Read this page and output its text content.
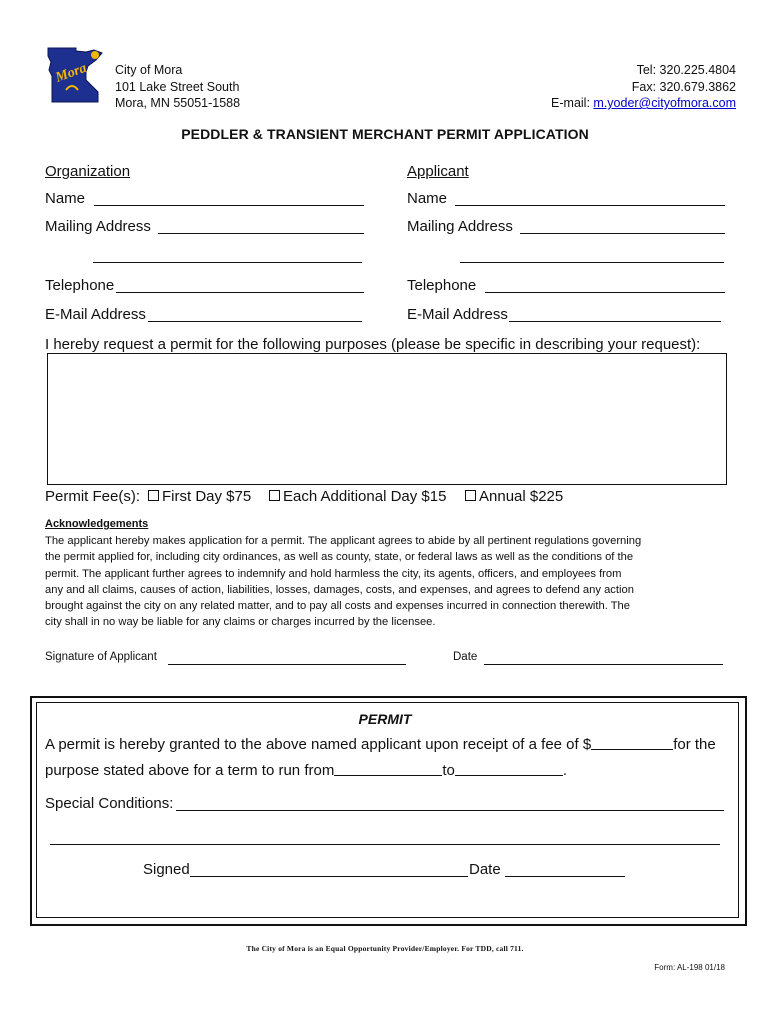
Mora City of Mora
101 Lake Street South
Mora, MN 55051-1588
Tel: 320.225.4804
Fax: 320.679.3862
E-mail: m.yoder@cityofmora.com
PEDDLER & TRANSIENT MERCHANT PERMIT APPLICATION
Organization
Name
Mailing Address
Telephone
E-Mail Address
Applicant
Name
Mailing Address
Telephone
E-Mail Address
I hereby request a permit for the following purposes (please be specific in describing your request):
Permit Fee(s):	First Day $75	Each Additional Day $15	Annual $225
Acknowledgements
The applicant hereby makes application for a permit. The applicant agrees to abide by all pertinent regulations governing
the permit applied for, including city ordinances, as well as county, state, or federal laws as well as the conditions of the
permit. The applicant further agrees to indemnify and hold harmless the city, its agents, officers, and employees from
any and all claims, causes of action, liabilities, losses, damages, costs, and expenses, and agrees to defend any action
brought against the city on any related matter, and to pay all costs and expenses incurred in connection therewith. The
city shall in no way be liable for any claims or charges incurred by the licensee.
Signature of Applicant	Date
PERMIT
A permit is hereby granted to the above named applicant upon receipt of a fee of $	for the
purpose stated above for a term to run from	to	.
Special Conditions:
Signed	Date
The City of Mora is an Equal Opportunity Provider/Employer. For TDD, call 711.
Form: AL-198 01/18
